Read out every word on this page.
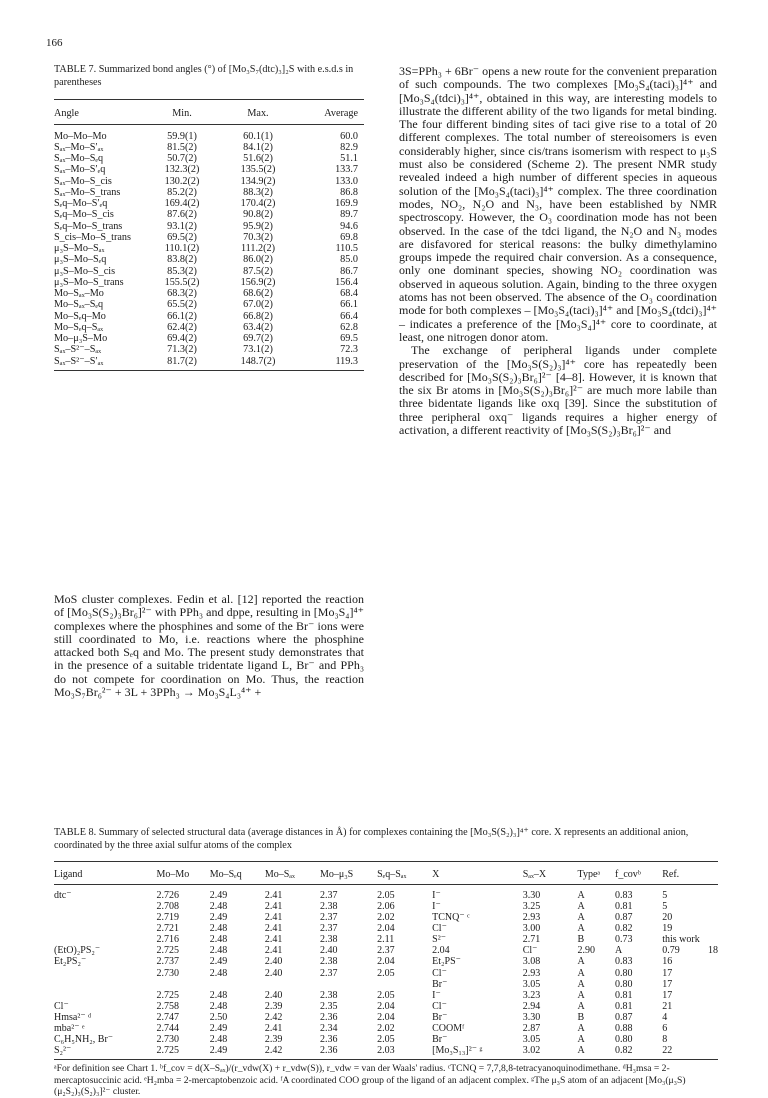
166
TABLE 7. Summarized bond angles (°) of [Mo₃S₇(dtc)₃]₂S with e.s.d.s in parentheses
Angle	Min.	Max.	Average
Mo–Mo–Mo	59.9(1)	60.1(1)	60.0
Sₐₓ–Mo–S′ₐₓ	81.5(2)	84.1(2)	82.9
Sₐₓ–Mo–Sₑq	50.7(2)	51.6(2)	51.1
Sₐₓ–Mo–S′ₑq	132.3(2)	135.5(2)	133.7
Sₐₓ–Mo–S_cis	130.2(2)	134.9(2)	133.0
Sₐₓ–Mo–S_trans	85.2(2)	88.3(2)	86.8
Sₑq–Mo–S′ₑq	169.4(2)	170.4(2)	169.9
Sₑq–Mo–S_cis	87.6(2)	90.8(2)	89.7
Sₑq–Mo–S_trans	93.1(2)	95.9(2)	94.6
S_cis–Mo–S_trans	69.5(2)	70.3(2)	69.8
μ₃S–Mo–Sₐₓ	110.1(2)	111.2(2)	110.5
μ₃S–Mo–Sₑq	83.8(2)	86.0(2)	85.0
μ₃S–Mo–S_cis	85.3(2)	87.5(2)	86.7
μ₃S–Mo–S_trans	155.5(2)	156.9(2)	156.4
Mo–Sₐₓ–Mo	68.3(2)	68.6(2)	68.4
Mo–Sₐₓ–Sₑq	65.5(2)	67.0(2)	66.1
Mo–Sₑq–Mo	66.1(2)	66.8(2)	66.4
Mo–Sₑq–Sₐₓ	62.4(2)	63.4(2)	62.8
Mo–μ₃S–Mo	69.4(2)	69.7(2)	69.5
Sₐₓ–S²⁻–Sₐₓ	71.3(2)	73.1(2)	72.3
Sₐₓ–S²⁻–S′ₐₓ	81.7(2)	148.7(2)	119.3
MoS cluster complexes. Fedin et al. [12] reported the reaction of [Mo₃S(S₂)₃Br₆]²⁻ with PPh₃ and dppe, resulting in [Mo₃S₄]⁴⁺ complexes where the phosphines and some of the Br⁻ ions were still coordinated to Mo, i.e. reactions where the phosphine attacked both Sₑq and Mo. The present study demonstrates that in the presence of a suitable tridentate ligand L, Br⁻ and PPh₃ do not compete for coordination on Mo. Thus, the reaction Mo₃S₇Br₆²⁻ + 3L + 3PPh₃ → Mo₃S₄L₃⁴⁺ +

3S=PPh₃ + 6Br⁻ opens a new route for the convenient preparation of such compounds. The two complexes [Mo₃S₄(taci)₃]⁴⁺ and [Mo₃S₄(tdci)₃]⁴⁺, obtained in this way, are interesting models to illustrate the different ability of the two ligands for metal binding. The four different binding sites of taci give rise to a total of 20 different complexes. The total number of stereoisomers is even considerably higher, since cis/trans isomerism with respect to μ₃S must also be considered (Scheme 2). The present NMR study revealed indeed a high number of different species in aqueous solution of the [Mo₃S₄(taci)₃]⁴⁺ complex. The three coordination modes, NO₂, N₂O and N₃, have been established by NMR spectroscopy. However, the O₃ coordination mode has not been observed. In the case of the tdci ligand, the N₂O and N₃ modes are disfavored for sterical reasons: the bulky dimethylamino groups impede the required chair conversion. As a consequence, only one dominant species, showing NO₂ coordination was observed in aqueous solution. Again, binding to the three oxygen atoms has not been observed. The absence of the O₃ coordination mode for both complexes – [Mo₃S₄(taci)₃]⁴⁺ and [Mo₃S₄(tdci)₃]⁴⁺ – indicates a preference of the [Mo₃S₄]⁴⁺ core to coordinate, at least, one nitrogen donor atom.

The exchange of peripheral ligands under complete preservation of the [Mo₃S(S₂)₃]⁴⁺ core has repeatedly been described for [Mo₃S(S₂)₃Br₆]²⁻ [4–8]. However, it is known that the six Br atoms in [Mo₃S(S₂)₃Br₆]²⁻ are much more labile than three bidentate ligands like oxq [39]. Since the substitution of three peripheral oxq⁻ ligands requires a higher energy of activation, a different reactivity of [Mo₃S(S₂)₃Br₆]²⁻ and

TABLE 8. Summary of selected structural data (average distances in Å) for complexes containing the [Mo₃S(S₂)₃]⁴⁺ core. X represents an additional anion, coordinated by the three axial sulfur atoms of the complex
Ligand	Mo–Mo	Mo–Sₑq	Mo–Sₐₓ	Mo–μ₃S	Sₑq–Sₐₓ	X	Sₐₓ–X	Typeᵃ	f_covᵇ	Ref.	
dtc⁻	2.726	2.49	2.41	2.37	2.05	I⁻	3.30	A	0.83	5	
	2.708	2.48	2.41	2.38	2.06	I⁻	3.25	A	0.81	5	
	2.719	2.49	2.41	2.37	2.02	TCNQ⁻ ᶜ	2.93	A	0.87	20	
	2.721	2.48	2.41	2.37	2.04	Cl⁻	3.00	A	0.82	19	
	2.716	2.48	2.41	2.38	2.11	S²⁻	2.71	B	0.73	this work	
(EtO)₂PS₂⁻	2.725	2.48	2.41	2.40	2.37	2.04	Cl⁻	2.90	A	0.79	18
Et₂PS₂⁻	2.737	2.49	2.40	2.38	2.04	Et₂PS⁻	3.08	A	0.83	16	
	2.730	2.48	2.40	2.37	2.05	Cl⁻	2.93	A	0.80	17	
						Br⁻	3.05	A	0.80	17	
	2.725	2.48	2.40	2.38	2.05	I⁻	3.23	A	0.81	17	
Cl⁻	2.758	2.48	2.39	2.35	2.04	Cl⁻	2.94	A	0.81	21	
Hmsa²⁻ ᵈ	2.747	2.50	2.42	2.36	2.04	Br⁻	3.30	B	0.87	4	
mba²⁻ ᵉ	2.744	2.49	2.41	2.34	2.02	COOMᶠ	2.87	A	0.88	6	
C₆H₅NH₂, Br⁻	2.730	2.48	2.39	2.36	2.05	Br⁻	3.05	A	0.80	8	
S₂²⁻	2.725	2.49	2.42	2.36	2.03	[Mo₃S₁₃]²⁻ ᵍ	3.02	A	0.82	22	
ᵃFor definition see Chart 1. ᵇf_cov = d(X–Sₐₓ)/(r_vdw(X) + r_vdw(S)), r_vdw = van der Waals' radius. ᶜTCNQ = 7,7,8,8-tetracyanoquinodimethane. ᵈH₃msa = 2-mercaptosuccinic acid. ᵉH₂mba = 2-mercaptobenzoic acid. ᶠA coordinated COO group of the ligand of an adjacent complex. ᵍThe μ₃S atom of an adjacent [Mo₃(μ₃S)(μ₂S₂)₃(S₂)₃]²⁻ cluster.
